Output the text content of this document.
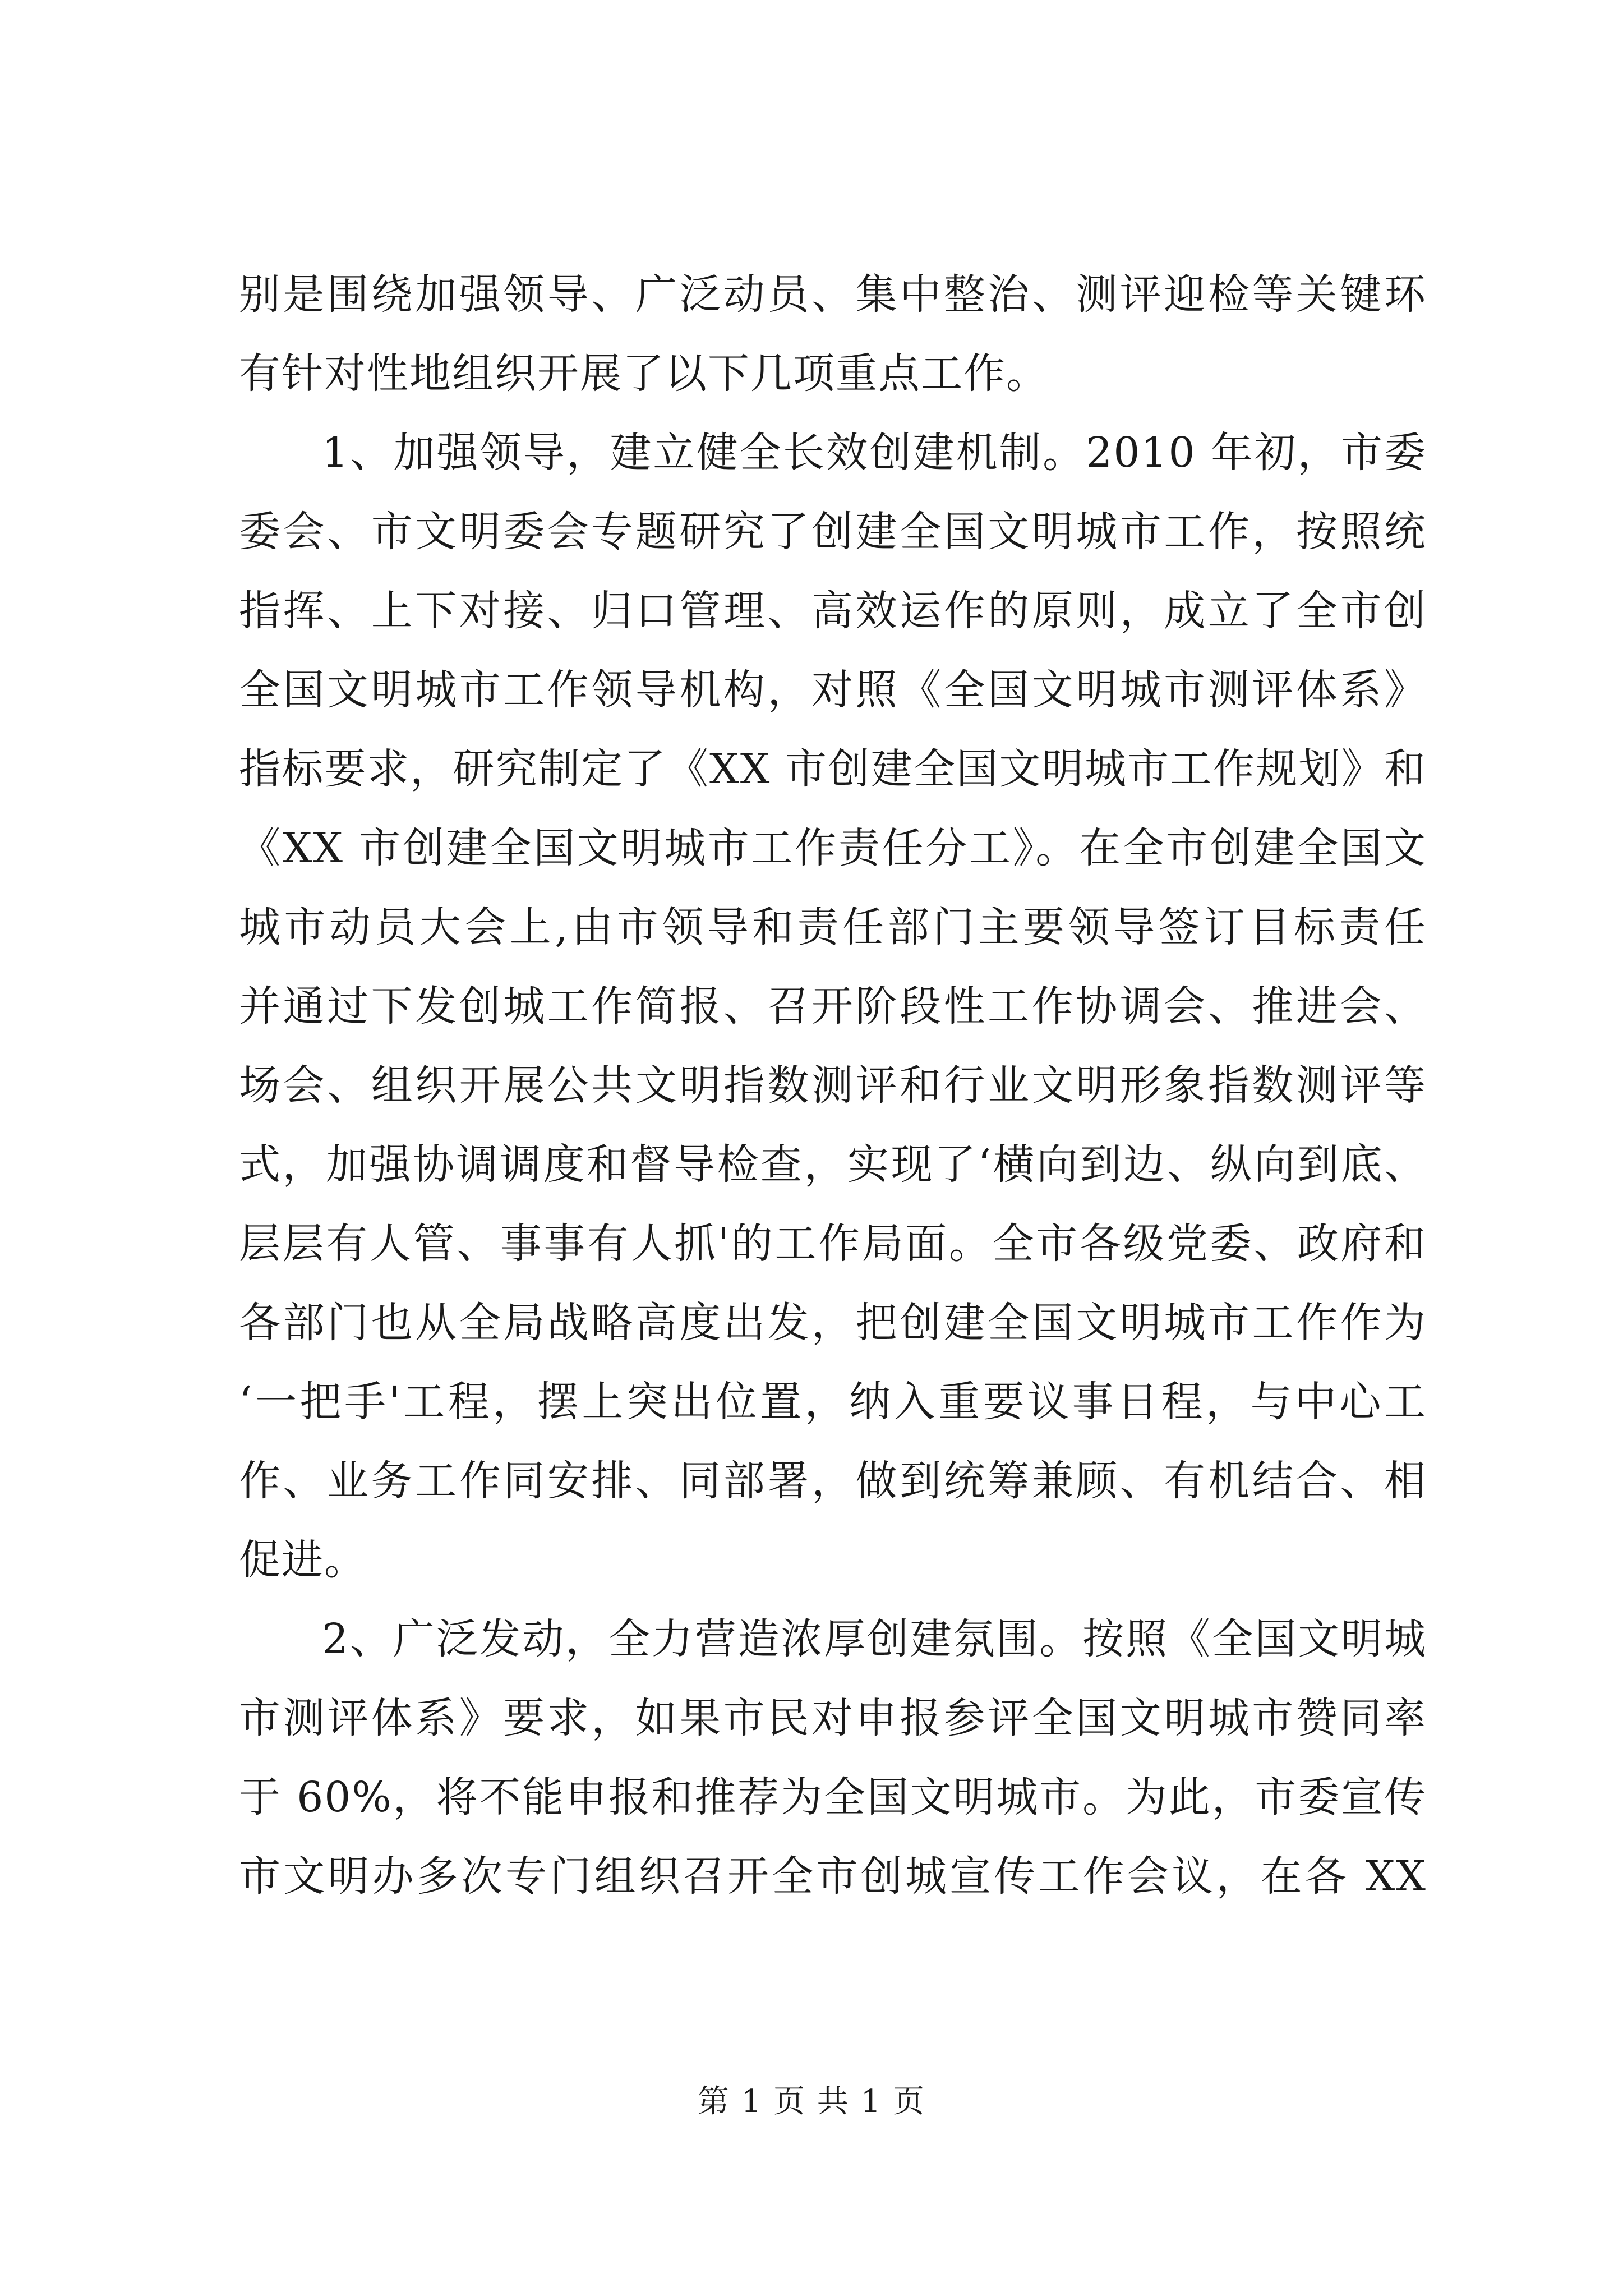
别是围绕加强领导、广泛动员、集中整治、测评迎检等关键环
有针对性地组织开展了以下几项重点工作。
1、加强领导，建立健全长效创建机制。2010 年初，市委
委会、市文明委会专题研究了创建全国文明城市工作，按照统
指挥、上下对接、归口管理、高效运作的原则，成立了全市创
全国文明城市工作领导机构，对照《全国文明城市测评体系》
指标要求，研究制定了《XX 市创建全国文明城市工作规划》和
《XX 市创建全国文明城市工作责任分工》。在全市创建全国文
城市动员大会上,由市领导和责任部门主要领导签订目标责任
并通过下发创城工作简报、召开阶段性工作协调会、推进会、
场会、组织开展公共文明指数测评和行业文明形象指数测评等
式，加强协调调度和督导检查，实现了‘横向到边、纵向到底、
层层有人管、事事有人抓'的工作局面。全市各级党委、政府和
各部门也从全局战略高度出发，把创建全国文明城市工作作为
‘一把手'工程，摆上突出位置，纳入重要议事日程，与中心工
作、业务工作同安排、同部署，做到统筹兼顾、有机结合、相
促进。
2、广泛发动，全力营造浓厚创建氛围。按照《全国文明城
市测评体系》要求，如果市民对申报参评全国文明城市赞同率
于 60%，将不能申报和推荐为全国文明城市。为此，市委宣传
市文明办多次专门组织召开全市创城宣传工作会议，在各 XX
第 1 页 共 1 页
